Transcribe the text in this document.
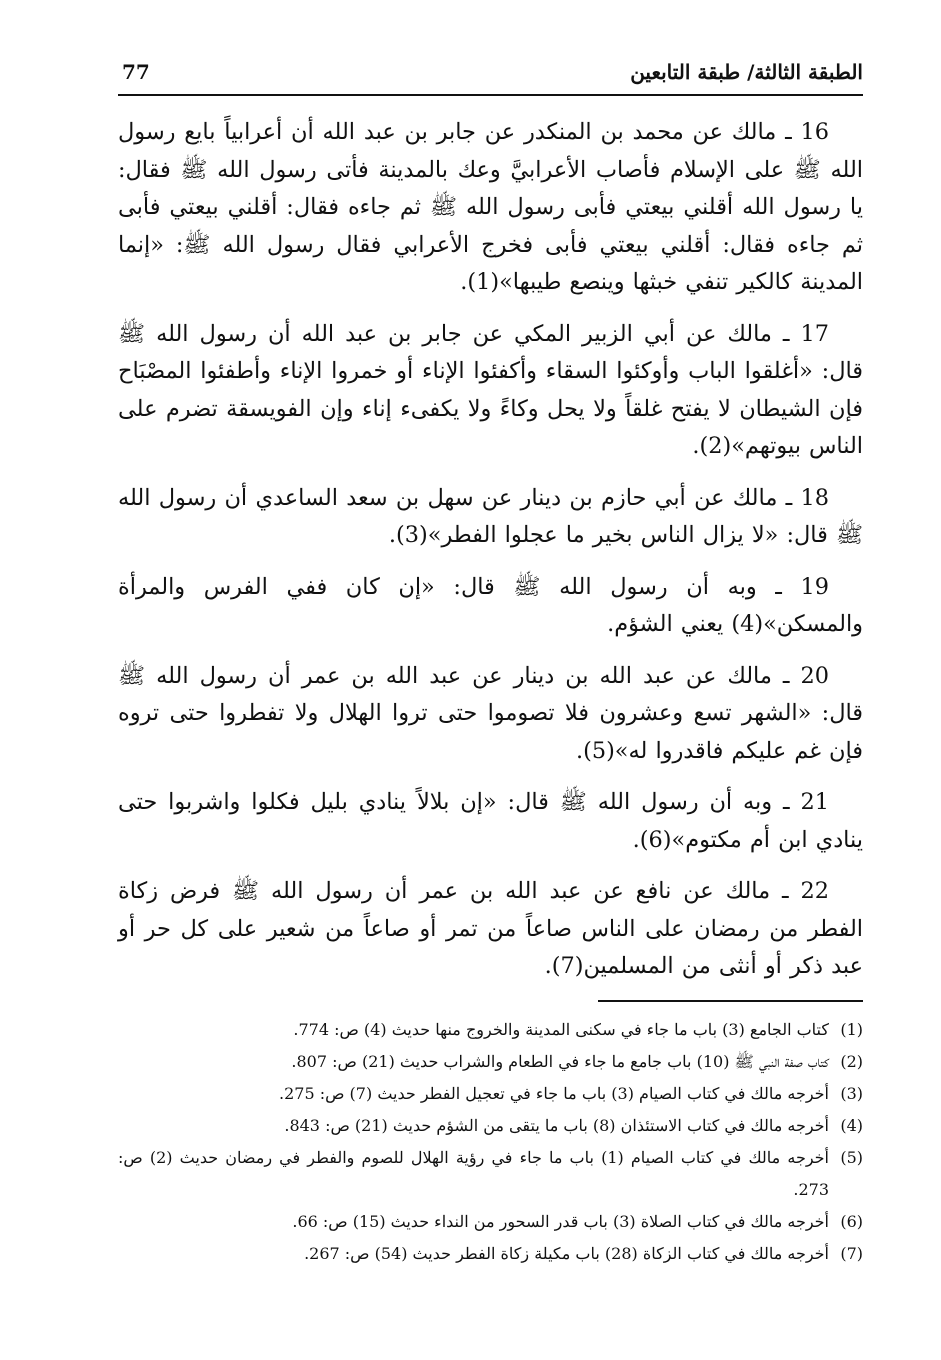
الطبقة الثالثة/ طبقة التابعين
77

16 ـ مالك عن محمد بن المنكدر عن جابر بن عبد الله أن أعرابياً بايع رسول الله ﷺ على الإسلام فأصاب الأعرابيَّ وعك بالمدينة فأتى رسول الله ﷺ فقال: يا رسول الله أقلني بيعتي فأبى رسول الله ﷺ ثم جاءه فقال: أقلني بيعتي فأبى ثم جاءه فقال: أقلني بيعتي فأبى فخرج الأعرابي فقال رسول الله ﷺ: «إنما المدينة كالكير تنفي خبثها وينصع طيبها»(1).

17 ـ مالك عن أبي الزبير المكي عن جابر بن عبد الله أن رسول الله ﷺ قال: «أغلقوا الباب وأوكئوا السقاء وأكفئوا الإناء أو خمروا الإناء وأطفئوا المصْبَاح فإن الشيطان لا يفتح غلقاً ولا يحل وكاءً ولا يكفىء إناء وإن الفويسقة تضرم على الناس بيوتهم»(2).

18 ـ مالك عن أبي حازم بن دينار عن سهل بن سعد الساعدي أن رسول الله ﷺ قال: «لا يزال الناس بخير ما عجلوا الفطر»(3).

19 ـ وبه أن رسول الله ﷺ قال: «إن كان ففي الفرس والمرأة والمسكن»(4) يعني الشؤم.

20 ـ مالك عن عبد الله بن دينار عن عبد الله بن عمر أن رسول الله ﷺ قال: «الشهر تسع وعشرون فلا تصوموا حتى تروا الهلال ولا تفطروا حتى تروه فإن غم عليكم فاقدروا له»(5).

21 ـ وبه أن رسول الله ﷺ قال: «إن بلالاً ينادي بليل فكلوا واشربوا حتى ينادي ابن أم مكتوم»(6).

22 ـ مالك عن نافع عن عبد الله بن عمر أن رسول الله ﷺ فرض زكاة الفطر من رمضان على الناس صاعاً من تمر أو صاعاً من شعير على كل حر أو عبد ذكر أو أنثى من المسلمين(7).

(1)
كتاب الجامع (3) باب ما جاء في سكنى المدينة والخروج منها حديث (4) ص: 774.
(2)
كتاب صفة النبي ﷺ (10) باب جامع ما جاء في الطعام والشراب حديث (21) ص: 807.
(3)
أخرجه مالك في كتاب الصيام (3) باب ما جاء في تعجيل الفطر حديث (7) ص: 275.
(4)
أخرجه مالك في كتاب الاستئذان (8) باب ما يتقى من الشؤم حديث (21) ص: 843.
(5)
أخرجه مالك في كتاب الصيام (1) باب ما جاء في رؤية الهلال للصوم والفطر في رمضان حديث (2) ص: 273.
(6)
أخرجه مالك في كتاب الصلاة (3) باب قدر السحور من النداء حديث (15) ص: 66.
(7)
أخرجه مالك في كتاب الزكاة (28) باب مكيلة زكاة الفطر حديث (54) ص: 267.
